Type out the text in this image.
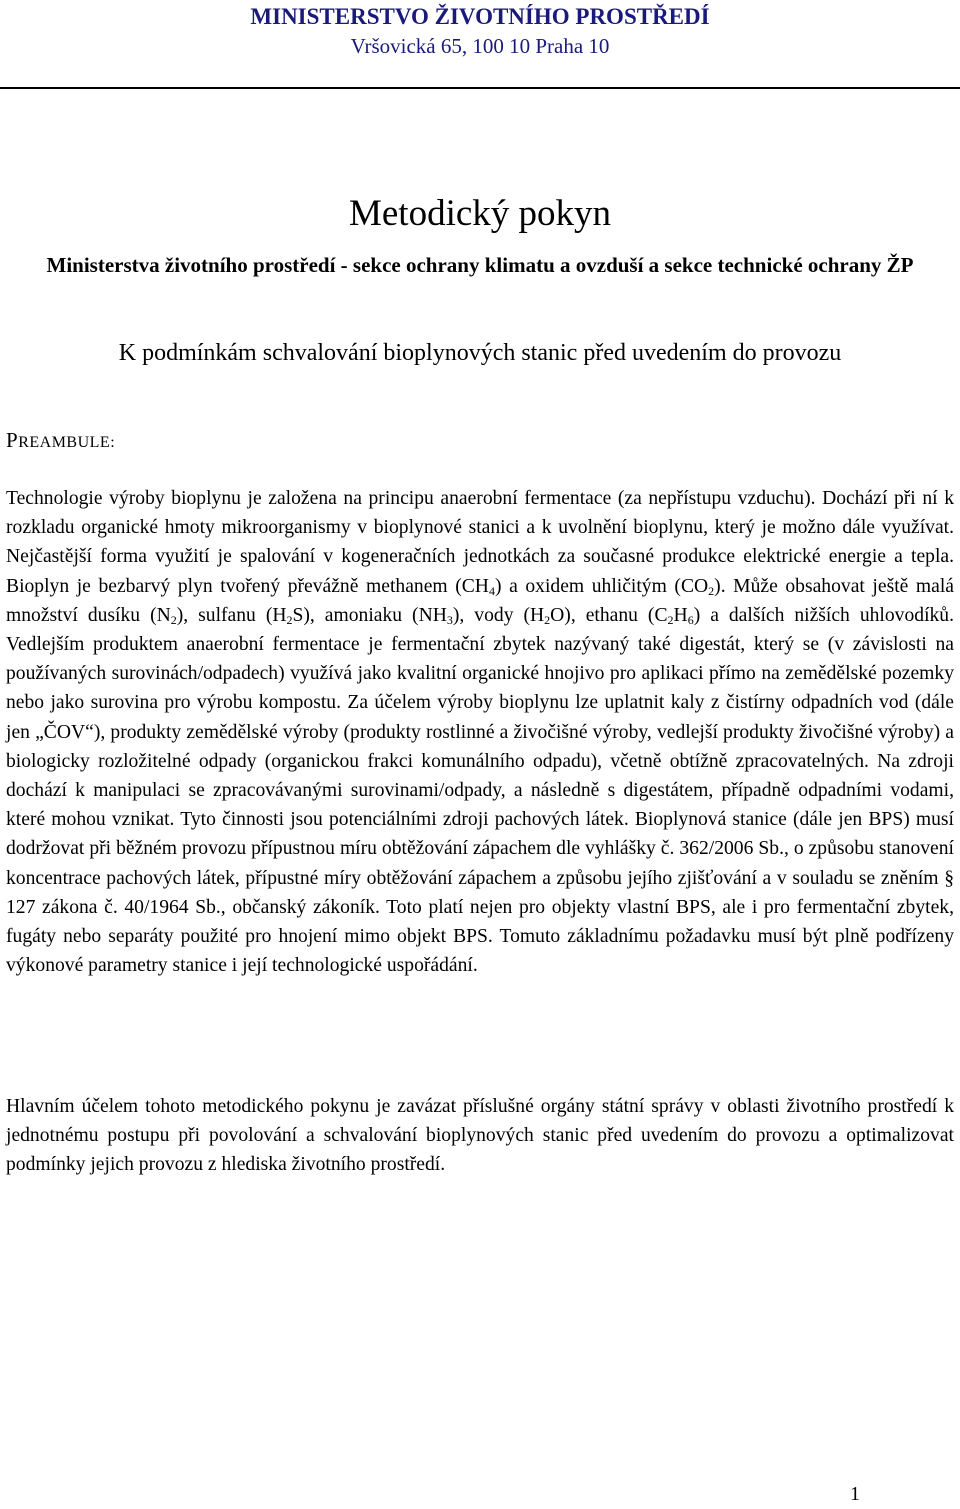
MINISTERSTVO ŽIVOTNÍHO PROSTŘEDÍ
Vršovická 65, 100 10 Praha 10
Metodický pokyn
Ministerstva životního prostředí - sekce ochrany klimatu a ovzduší a sekce technické ochrany ŽP
K podmínkám schvalování bioplynových stanic před uvedením do provozu
PREAMBULE:
Technologie výroby bioplynu je založena na principu anaerobní fermentace (za nepřístupu vzduchu). Dochází při ní k rozkladu organické hmoty mikroorganismy v bioplynové stanici a k uvolnění bioplynu, který je možno dále využívat. Nejčastější forma využití je spalování v kogeneračních jednotkách za současné produkce elektrické energie a tepla. Bioplyn je bezbarvý plyn tvořený převážně methanem $(CH_4)$ a oxidem uhličitým $(CO_2)$. Může obsahovat ještě malá množství dusíku $(N_2)$, sulfanu $(H_2S)$, amoniaku $(NH_3)$, vody $(H_2O)$, ethanu $(C_2H_6)$ a dalších nižších uhlovodíků. Vedlejším produktem anaerobní fermentace je fermentační zbytek nazývaný také digestát, který se (v závislosti na používaných surovinách/odpadech) využívá jako kvalitní organické hnojivo pro aplikaci přímo na zemědělské pozemky nebo jako surovina pro výrobu kompostu. Za účelem výroby bioplynu lze uplatnit kaly z čistírny odpadních vod (dále jen „ČOV“), produkty zemědělské výroby (produkty rostlinné a živočišné výroby, vedlejší produkty živočišné výroby) a biologicky rozložitelné odpady (organickou frakci komunálního odpadu), včetně obtížně zpracovatelných. Na zdroji dochází k manipulaci se zpracovávanými surovinami/odpady, a následně s digestátem, případně odpadními vodami, které mohou vznikat. Tyto činnosti jsou potenciálními zdroji pachových látek. Bioplynová stanice (dále jen BPS) musí dodržovat při běžném provozu přípustnou míru obtěžování zápachem dle vyhlášky č. 362/2006 Sb., o způsobu stanovení koncentrace pachových látek, přípustné míry obtěžování zápachem a způsobu jejího zjišťování a v souladu se zněním § 127 zákona č. 40/1964 Sb., občanský zákoník. Toto platí nejen pro objekty vlastní BPS, ale i pro fermentační zbytek, fugáty nebo separáty použité pro hnojení mimo objekt BPS. Tomuto základnímu požadavku musí být plně podřízeny výkonové parametry stanice i její technologické uspořádání.
Hlavním účelem tohoto metodického pokynu je zavázat příslušné orgány státní správy v oblasti životního prostředí k jednotnému postupu při povolování a schvalování bioplynových stanic před uvedením do provozu a optimalizovat podmínky jejich provozu z hlediska životního prostředí.
1
